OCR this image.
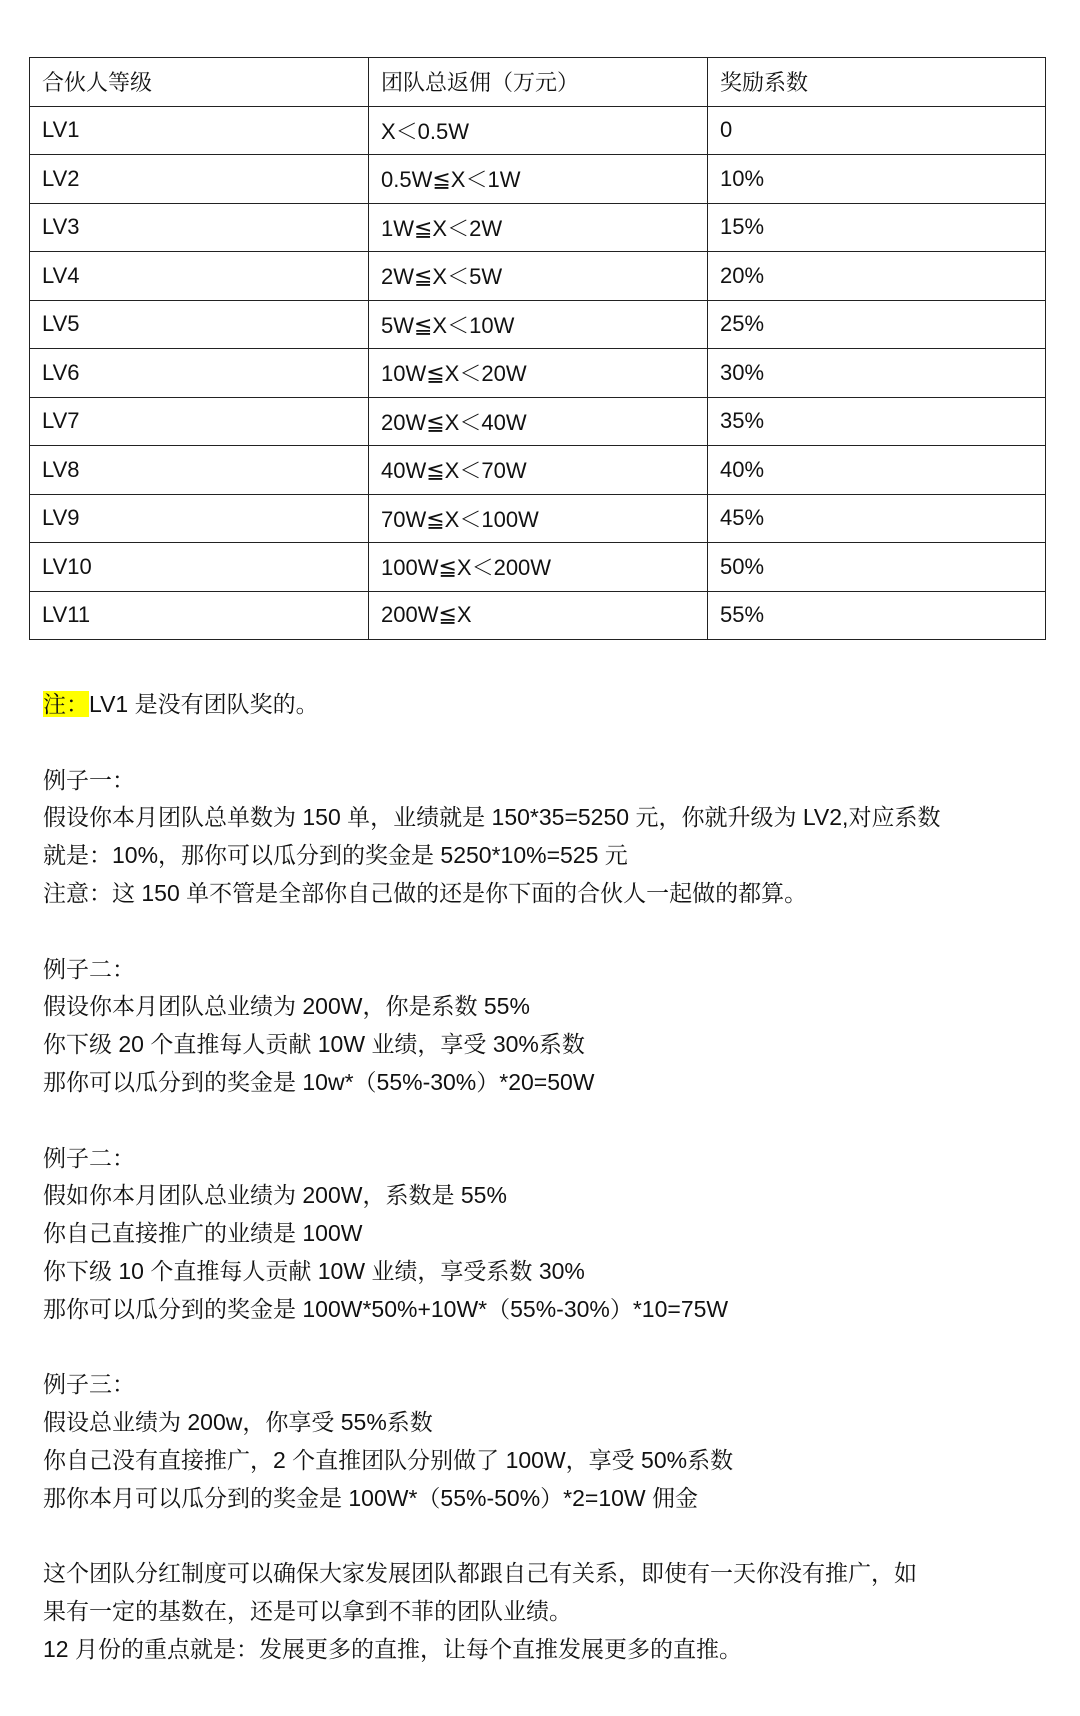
合伙人等级	团队总返佣（万元）	奖励系数
LV1	X＜0.5W	0
LV2	0.5W≦X＜1W	10%
LV3	1W≦X＜2W	15%
LV4	2W≦X＜5W	20%
LV5	5W≦X＜10W	25%
LV6	10W≦X＜20W	30%
LV7	20W≦X＜40W	35%
LV8	40W≦X＜70W	40%
LV9	70W≦X＜100W	45%
LV10	100W≦X＜200W	50%
LV11	200W≦X	55%
注：LV1 是没有团队奖的。
例子一：
假设你本月团队总单数为 150 单，业绩就是 150*35=5250 元，你就升级为 LV2,对应系数
就是：10%，那你可以瓜分到的奖金是 5250*10%=525 元
注意：这 150 单不管是全部你自己做的还是你下面的合伙人一起做的都算。
例子二：
假设你本月团队总业绩为 200W，你是系数 55%
你下级 20 个直推每人贡献 10W 业绩，享受 30%系数
那你可以瓜分到的奖金是 10w*（55%-30%）*20=50W
例子二：
假如你本月团队总业绩为 200W，系数是 55%
你自己直接推广的业绩是 100W
你下级 10 个直推每人贡献 10W 业绩，享受系数 30%
那你可以瓜分到的奖金是 100W*50%+10W*（55%-30%）*10=75W
例子三：
假设总业绩为 200w，你享受 55%系数
你自己没有直接推广，2 个直推团队分别做了 100W，享受 50%系数
那你本月可以瓜分到的奖金是 100W*（55%-50%）*2=10W 佣金
这个团队分红制度可以确保大家发展团队都跟自己有关系，即使有一天你没有推广，如
果有一定的基数在，还是可以拿到不菲的团队业绩。
12 月份的重点就是：发展更多的直推，让每个直推发展更多的直推。
